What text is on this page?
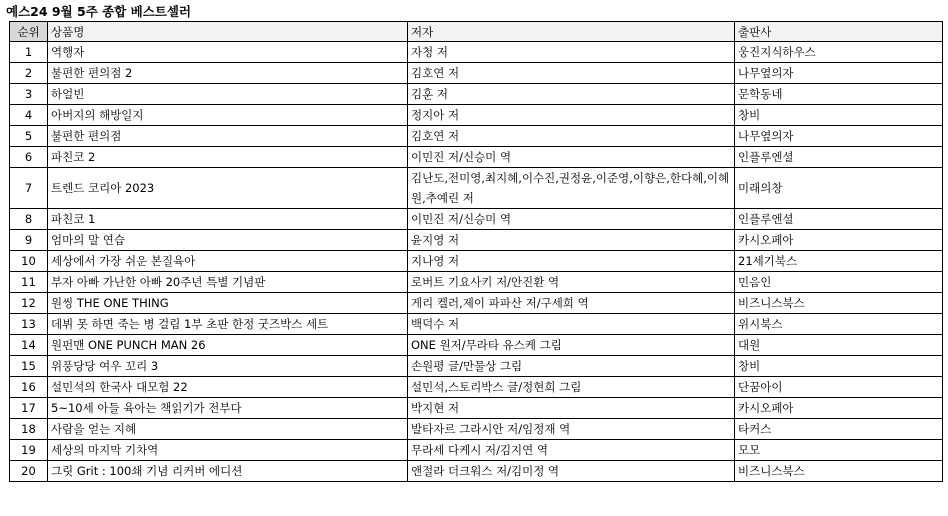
예스24 9월 5주 종합 베스트셀러
순위	상품명	저자	출판사
1	역행자	자청 저	웅진지식하우스
2	불편한 편의점 2	김호연 저	나무옆의자
3	하얼빈	김훈 저	문학동네
4	아버지의 해방일지	정지아 저	창비
5	불편한 편의점	김호연 저	나무옆의자
6	파친코 2	이민진 저/신승미 역	인플루엔셜
7	트렌드 코리아 2023	김난도,전미영,최지혜,이수진,권정윤,이준영,이향은,한다혜,이혜원,추예린 저	미래의창
8	파친코 1	이민진 저/신승미 역	인플루엔셜
9	엄마의 말 연습	윤지영 저	카시오페아
10	세상에서 가장 쉬운 본질육아	지나영 저	21세기북스
11	부자 아빠 가난한 아빠 20주년 특별 기념판	로버트 기요사키 저/안진환 역	민음인
12	원씽 THE ONE THING	게리 켈러,제이 파파산 저/구세희 역	비즈니스북스
13	데뷔 못 하면 죽는 병 걸림 1부 초판 한정 굿즈박스 세트	백덕수 저	위시북스
14	원펀맨 ONE PUNCH MAN 26	ONE 원저/무라타 유스케 그림	대원
15	위풍당당 여우 꼬리 3	손원평 글/만물상 그림	창비
16	설민석의 한국사 대모험 22	설민석,스토리박스 글/정현희 그림	단꿈아이
17	5~10세 아들 육아는 책읽기가 전부다	박지현 저	카시오페아
18	사람을 얻는 지혜	발타자르 그라시안 저/임정재 역	타커스
19	세상의 마지막 기차역	무라세 다케시 저/김지연 역	모모
20	그릿 Grit : 100쇄 기념 리커버 에디션	앤절라 더크워스 저/김미정 역	비즈니스북스
